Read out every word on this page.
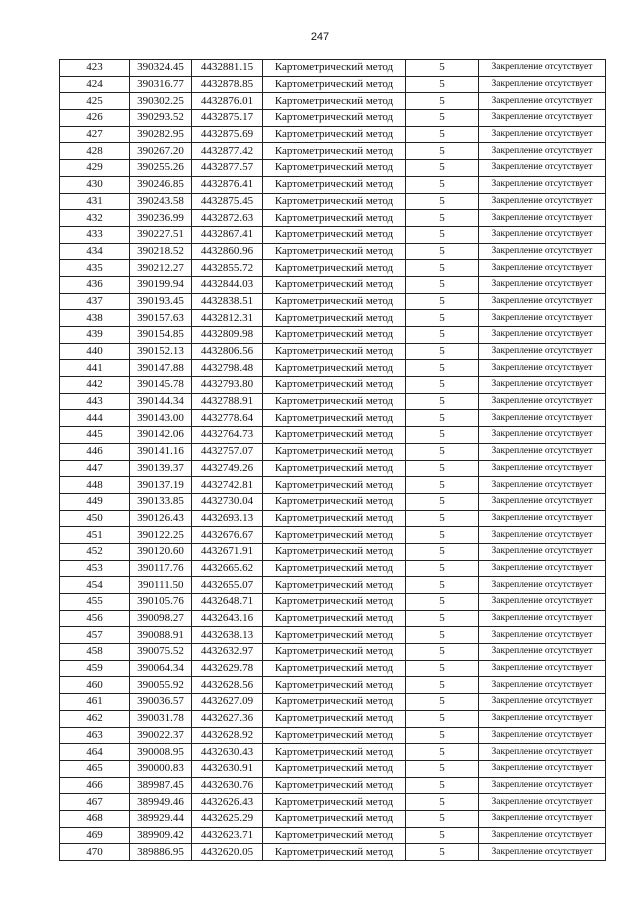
247
423	390324.45	4432881.15	Картометрический метод	5	Закрепление отсутствует
424	390316.77	4432878.85	Картометрический метод	5	Закрепление отсутствует
425	390302.25	4432876.01	Картометрический метод	5	Закрепление отсутствует
426	390293.52	4432875.17	Картометрический метод	5	Закрепление отсутствует
427	390282.95	4432875.69	Картометрический метод	5	Закрепление отсутствует
428	390267.20	4432877.42	Картометрический метод	5	Закрепление отсутствует
429	390255.26	4432877.57	Картометрический метод	5	Закрепление отсутствует
430	390246.85	4432876.41	Картометрический метод	5	Закрепление отсутствует
431	390243.58	4432875.45	Картометрический метод	5	Закрепление отсутствует
432	390236.99	4432872.63	Картометрический метод	5	Закрепление отсутствует
433	390227.51	4432867.41	Картометрический метод	5	Закрепление отсутствует
434	390218.52	4432860.96	Картометрический метод	5	Закрепление отсутствует
435	390212.27	4432855.72	Картометрический метод	5	Закрепление отсутствует
436	390199.94	4432844.03	Картометрический метод	5	Закрепление отсутствует
437	390193.45	4432838.51	Картометрический метод	5	Закрепление отсутствует
438	390157.63	4432812.31	Картометрический метод	5	Закрепление отсутствует
439	390154.85	4432809.98	Картометрический метод	5	Закрепление отсутствует
440	390152.13	4432806.56	Картометрический метод	5	Закрепление отсутствует
441	390147.88	4432798.48	Картометрический метод	5	Закрепление отсутствует
442	390145.78	4432793.80	Картометрический метод	5	Закрепление отсутствует
443	390144.34	4432788.91	Картометрический метод	5	Закрепление отсутствует
444	390143.00	4432778.64	Картометрический метод	5	Закрепление отсутствует
445	390142.06	4432764.73	Картометрический метод	5	Закрепление отсутствует
446	390141.16	4432757.07	Картометрический метод	5	Закрепление отсутствует
447	390139.37	4432749.26	Картометрический метод	5	Закрепление отсутствует
448	390137.19	4432742.81	Картометрический метод	5	Закрепление отсутствует
449	390133.85	4432730.04	Картометрический метод	5	Закрепление отсутствует
450	390126.43	4432693.13	Картометрический метод	5	Закрепление отсутствует
451	390122.25	4432676.67	Картометрический метод	5	Закрепление отсутствует
452	390120.60	4432671.91	Картометрический метод	5	Закрепление отсутствует
453	390117.76	4432665.62	Картометрический метод	5	Закрепление отсутствует
454	390111.50	4432655.07	Картометрический метод	5	Закрепление отсутствует
455	390105.76	4432648.71	Картометрический метод	5	Закрепление отсутствует
456	390098.27	4432643.16	Картометрический метод	5	Закрепление отсутствует
457	390088.91	4432638.13	Картометрический метод	5	Закрепление отсутствует
458	390075.52	4432632.97	Картометрический метод	5	Закрепление отсутствует
459	390064.34	4432629.78	Картометрический метод	5	Закрепление отсутствует
460	390055.92	4432628.56	Картометрический метод	5	Закрепление отсутствует
461	390036.57	4432627.09	Картометрический метод	5	Закрепление отсутствует
462	390031.78	4432627.36	Картометрический метод	5	Закрепление отсутствует
463	390022.37	4432628.92	Картометрический метод	5	Закрепление отсутствует
464	390008.95	4432630.43	Картометрический метод	5	Закрепление отсутствует
465	390000.83	4432630.91	Картометрический метод	5	Закрепление отсутствует
466	389987.45	4432630.76	Картометрический метод	5	Закрепление отсутствует
467	389949.46	4432626.43	Картометрический метод	5	Закрепление отсутствует
468	389929.44	4432625.29	Картометрический метод	5	Закрепление отсутствует
469	389909.42	4432623.71	Картометрический метод	5	Закрепление отсутствует
470	389886.95	4432620.05	Картометрический метод	5	Закрепление отсутствует
